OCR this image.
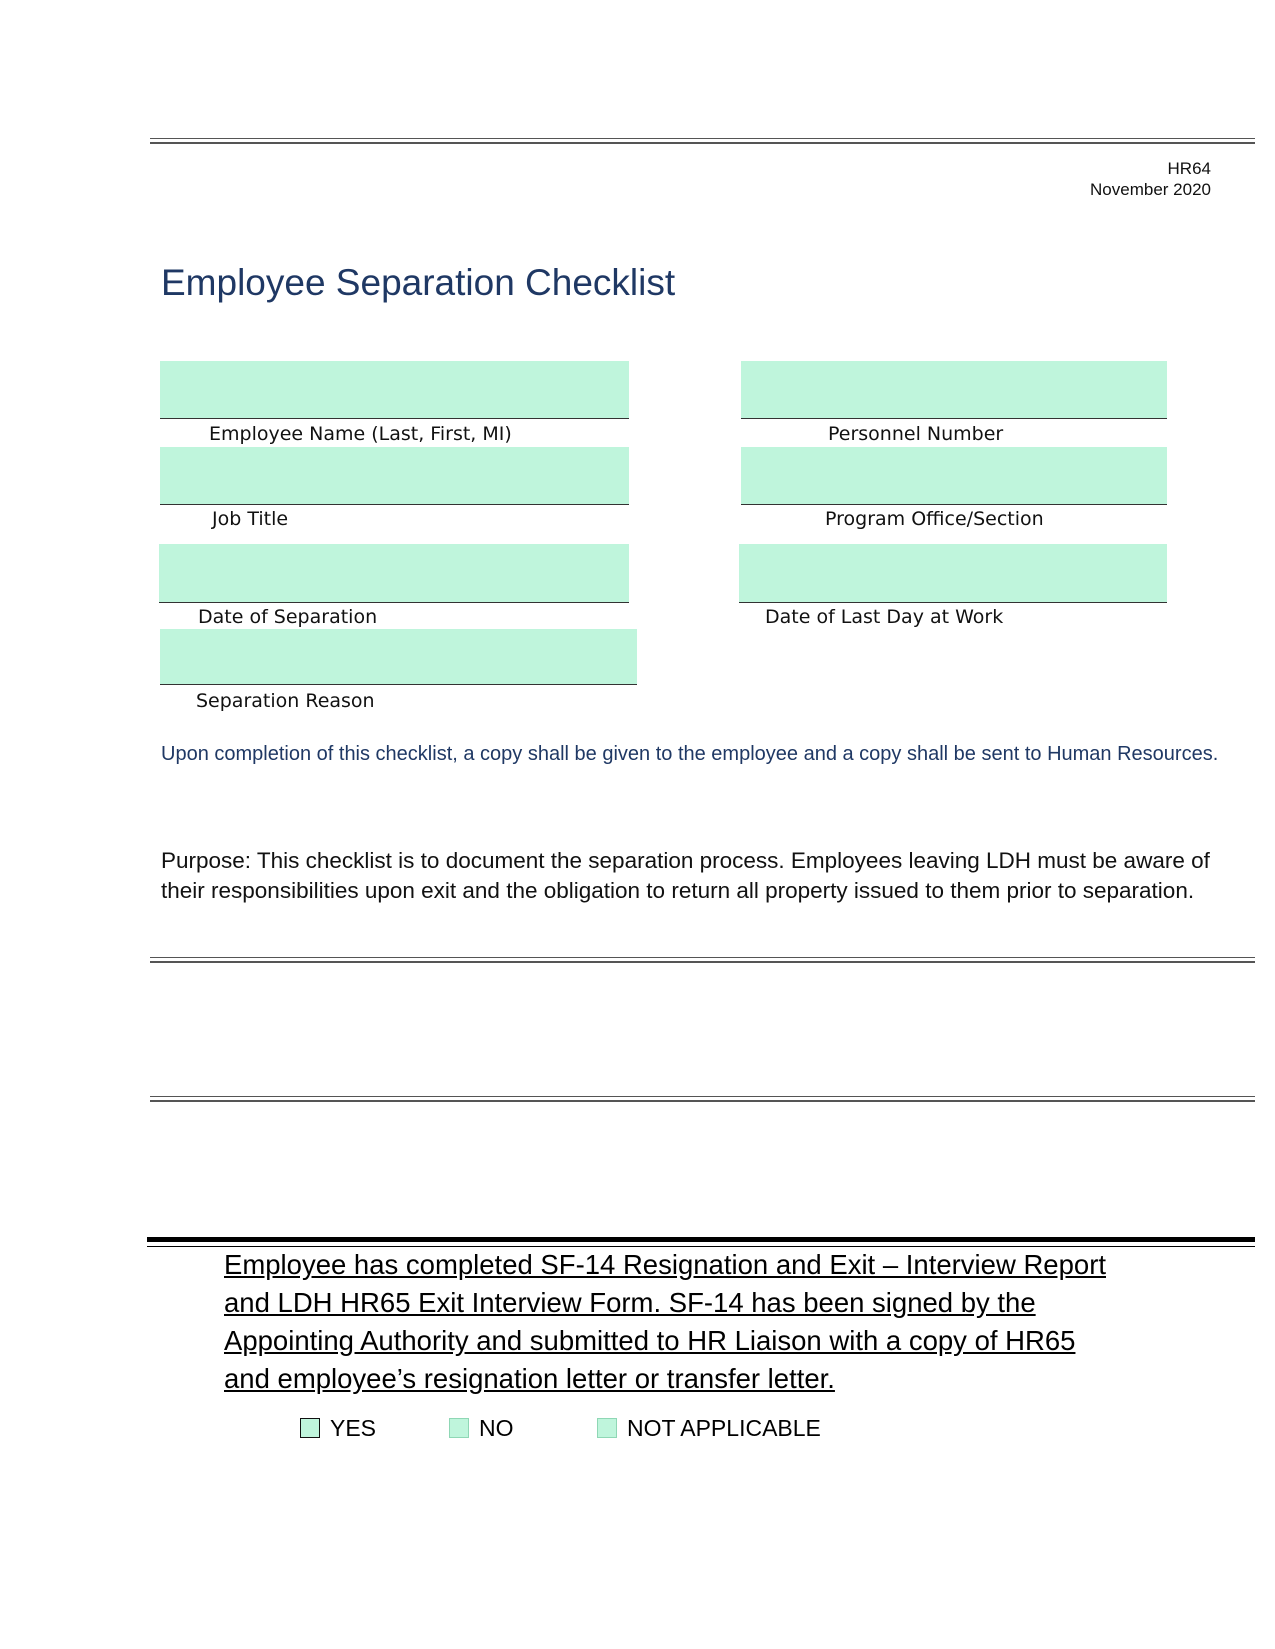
HR64
November 2020
Employee Separation Checklist
Employee Name (Last, First, MI)	Personnel Number
Job Title	Program Office/Section
Date of Separation	Date of Last Day at Work
Separation Reason
Upon completion of this checklist, a copy shall be given to the employee and a copy shall be sent to Human Resources.
Purpose: This checklist is to document the separation process. Employees leaving LDH must be aware of their responsibilities upon exit and the obligation to return all property issued to them prior to separation.
Employee has completed SF-14 Resignation and Exit – Interview Report and LDH HR65 Exit Interview Form. SF-14 has been signed by the Appointing Authority and submitted to HR Liaison with a copy of HR65 and employee’s resignation letter or transfer letter.
YES	NO	NOT APPLICABLE
